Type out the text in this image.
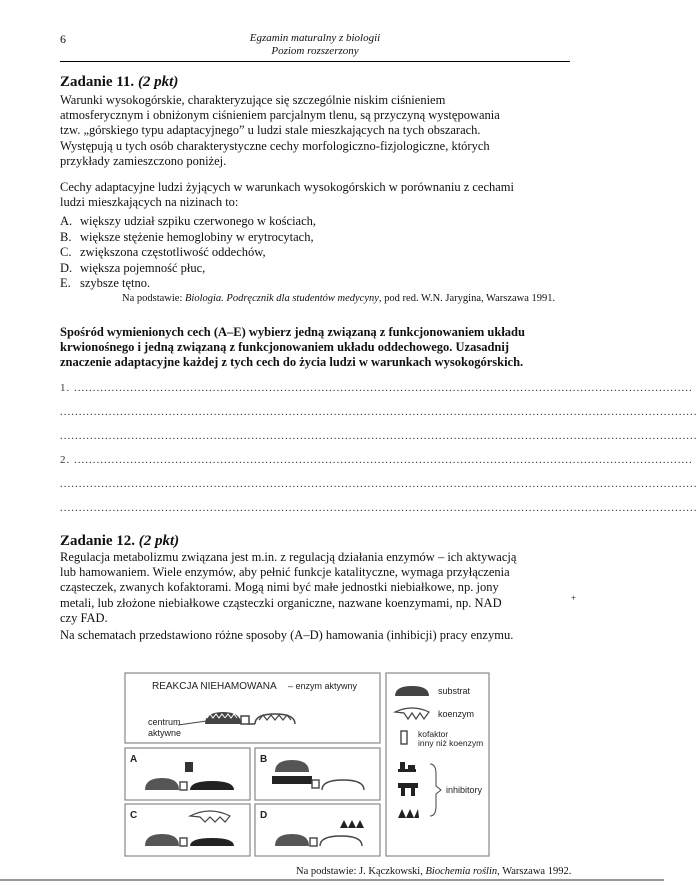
6	Egzamin maturalny z biologii
Poziom rozszerzony
Zadanie 11. (2 pkt)
Warunki wysokogórskie, charakteryzujące się szczególnie niskim ciśnieniem
atmosferycznym i obniżonym ciśnieniem parcjalnym tlenu, są przyczyną występowania
tzw. „górskiego typu adaptacyjnego” u ludzi stale mieszkających na tych obszarach.
Występują u tych osób charakterystyczne cechy morfologiczno-fizjologiczne, których
przykłady zamieszczono poniżej.
Cechy adaptacyjne ludzi żyjących w warunkach wysokogórskich w porównaniu z cechami
ludzi mieszkających na nizinach to:
A. większy udział szpiku czerwonego w kościach,
B. większe stężenie hemoglobiny w erytrocytach,
C. zwiększona częstotliwość oddechów,
D. większa pojemność płuc,
E. szybsze tętno.
Na podstawie: Biologia. Podręcznik dla studentów medycyny, pod red. W.N. Jarygina, Warszawa 1991.
Spośród wymienionych cech (A–E) wybierz jedną związaną z funkcjonowaniem układu
krwionośnego i jedną związaną z funkcjonowaniem układu oddechowego. Uzasadnij
znaczenie adaptacyjne każdej z tych cech do życia ludzi w warunkach wysokogórskich.
1. .....................................................................................................................................................................
..........................................................................................................................................................................
..........................................................................................................................................................................
2. .....................................................................................................................................................................
..........................................................................................................................................................................
..........................................................................................................................................................................
Zadanie 12. (2 pkt)
Regulacja metabolizmu związana jest m.in. z regulacją działania enzymów – ich aktywacją
lub hamowaniem. Wiele enzymów, aby pełnić funkcje katalityczne, wymaga przyłączenia
cząsteczek, zwanych kofaktorami. Mogą nimi być małe jednostki niebiałkowe, np. jony
metali, lub złożone niebiałkowe cząsteczki organiczne, nazwane koenzymami, np. NAD	+
czy FAD.
Na schematach przedstawiono różne sposoby (A–D) hamowania (inhibicji) pracy enzymu.
REAKCJA NIEHAMOWANA – enzym aktywny
centrum
aktywne
A	B
C	D
substrat
koenzym
kofaktor
inny niż koenzym
inhibitory
Na podstawie: J. Kączkowski, Biochemia roślin, Warszawa 1992.
